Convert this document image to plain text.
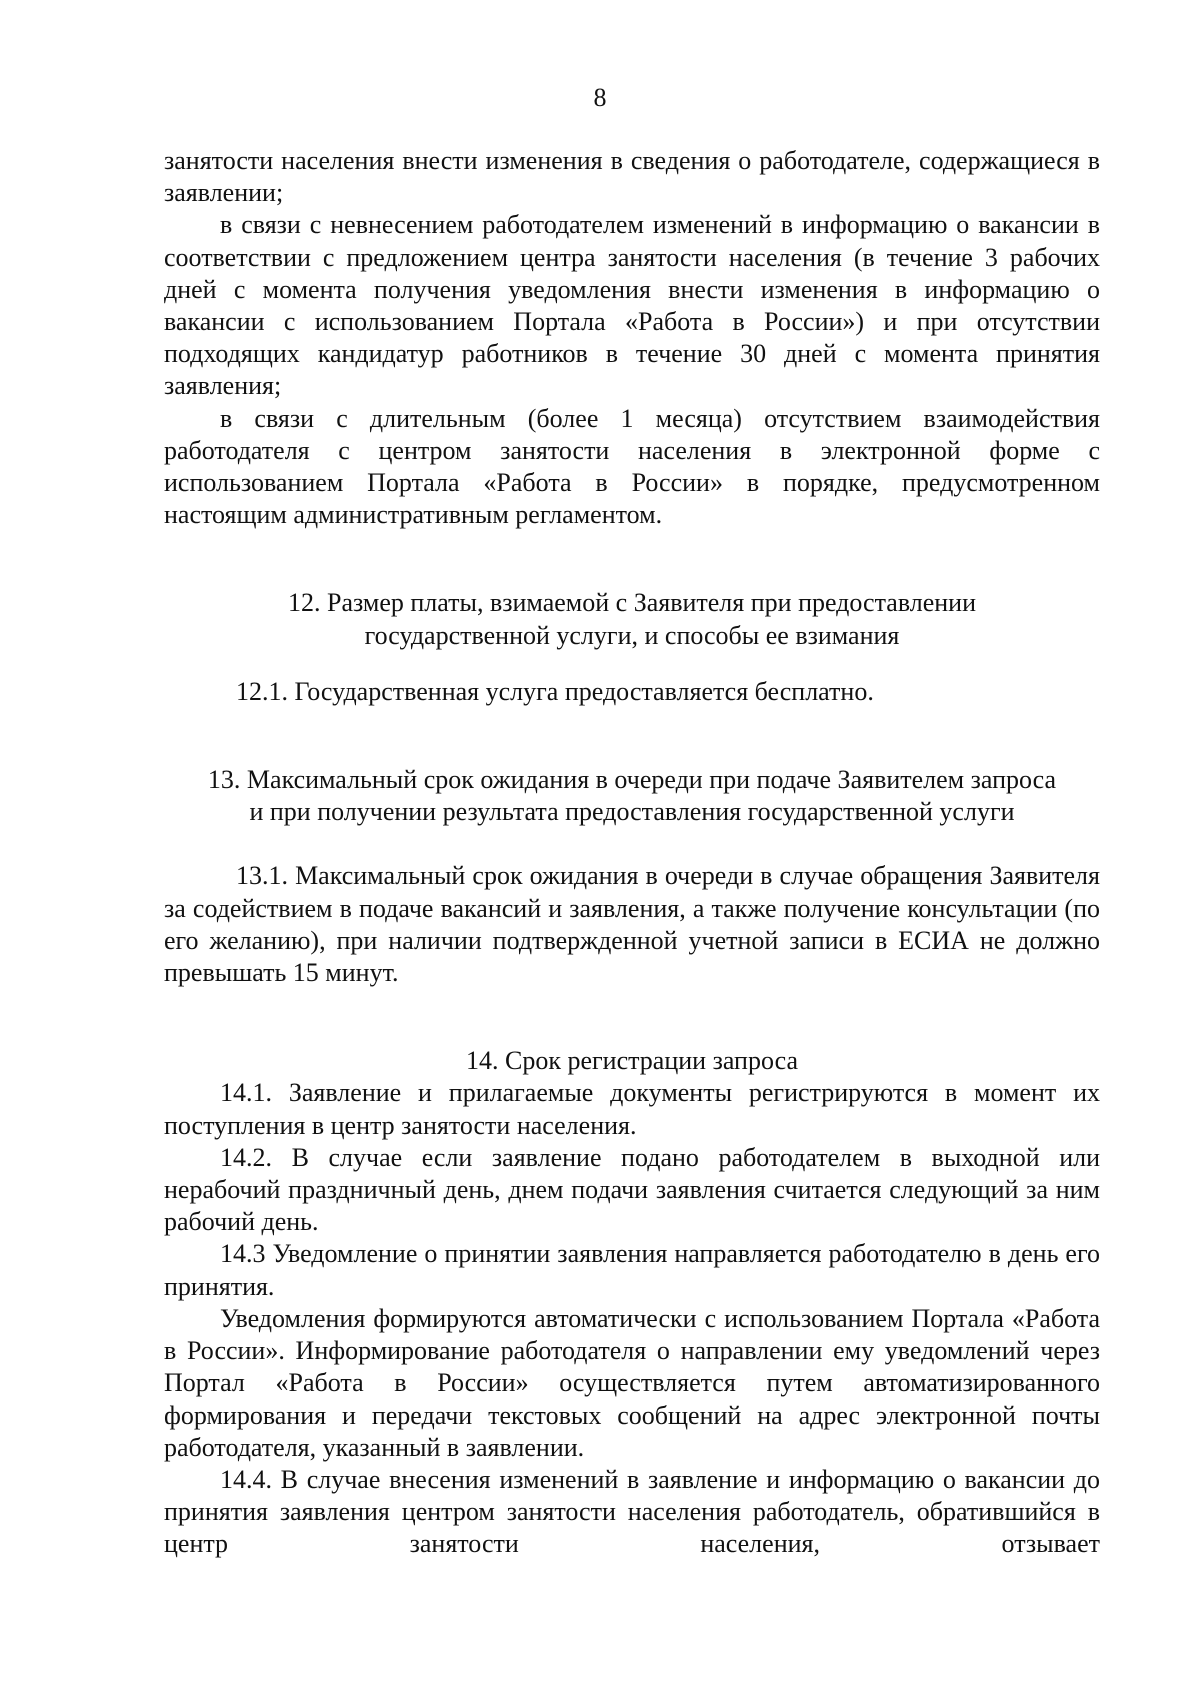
8

занятости населения внести изменения в сведения о работодателе, содержащиеся в заявлении;

в связи с невнесением работодателем изменений в информацию о вакансии в соответствии с предложением центра занятости населения (в течение 3 рабочих дней с момента получения уведомления внести изменения в информацию о вакансии с использованием Портала «Работа в России») и при отсутствии подходящих кандидатур работников в течение 30 дней с момента принятия заявления;

в связи с длительным (более 1 месяца) отсутствием взаимодействия работодателя с центром занятости населения в электронной форме с использованием Портала «Работа в России» в порядке, предусмотренном настоящим административным регламентом.

12. Размер платы, взимаемой с Заявителя при предоставлении
государственной услуги, и способы ее взимания

12.1. Государственная услуга предоставляется бесплатно.

13. Максимальный срок ожидания в очереди при подаче Заявителем запроса
и при получении результата предоставления государственной услуги

13.1. Максимальный срок ожидания в очереди в случае обращения Заявителя за содействием в подаче вакансий и заявления, а также получение консультации (по его желанию), при наличии подтвержденной учетной записи в ЕСИА не должно превышать 15 минут.

14. Срок регистрации запроса

14.1. Заявление и прилагаемые документы регистрируются в момент их поступления в центр занятости населения.

14.2. В случае если заявление подано работодателем в выходной или нерабочий праздничный день, днем подачи заявления считается следующий за ним рабочий день.

14.3 Уведомление о принятии заявления направляется работодателю в день его принятия.

Уведомления формируются автоматически с использованием Портала «Работа в России». Информирование работодателя о направлении ему уведомлений через Портал «Работа в России» осуществляется путем автоматизированного формирования и передачи текстовых сообщений на адрес электронной почты работодателя, указанный в заявлении.

14.4. В случае внесения изменений в заявление и информацию о вакансии до принятия заявления центром занятости населения работодатель, обратившийся в центр занятости населения, отзывает
